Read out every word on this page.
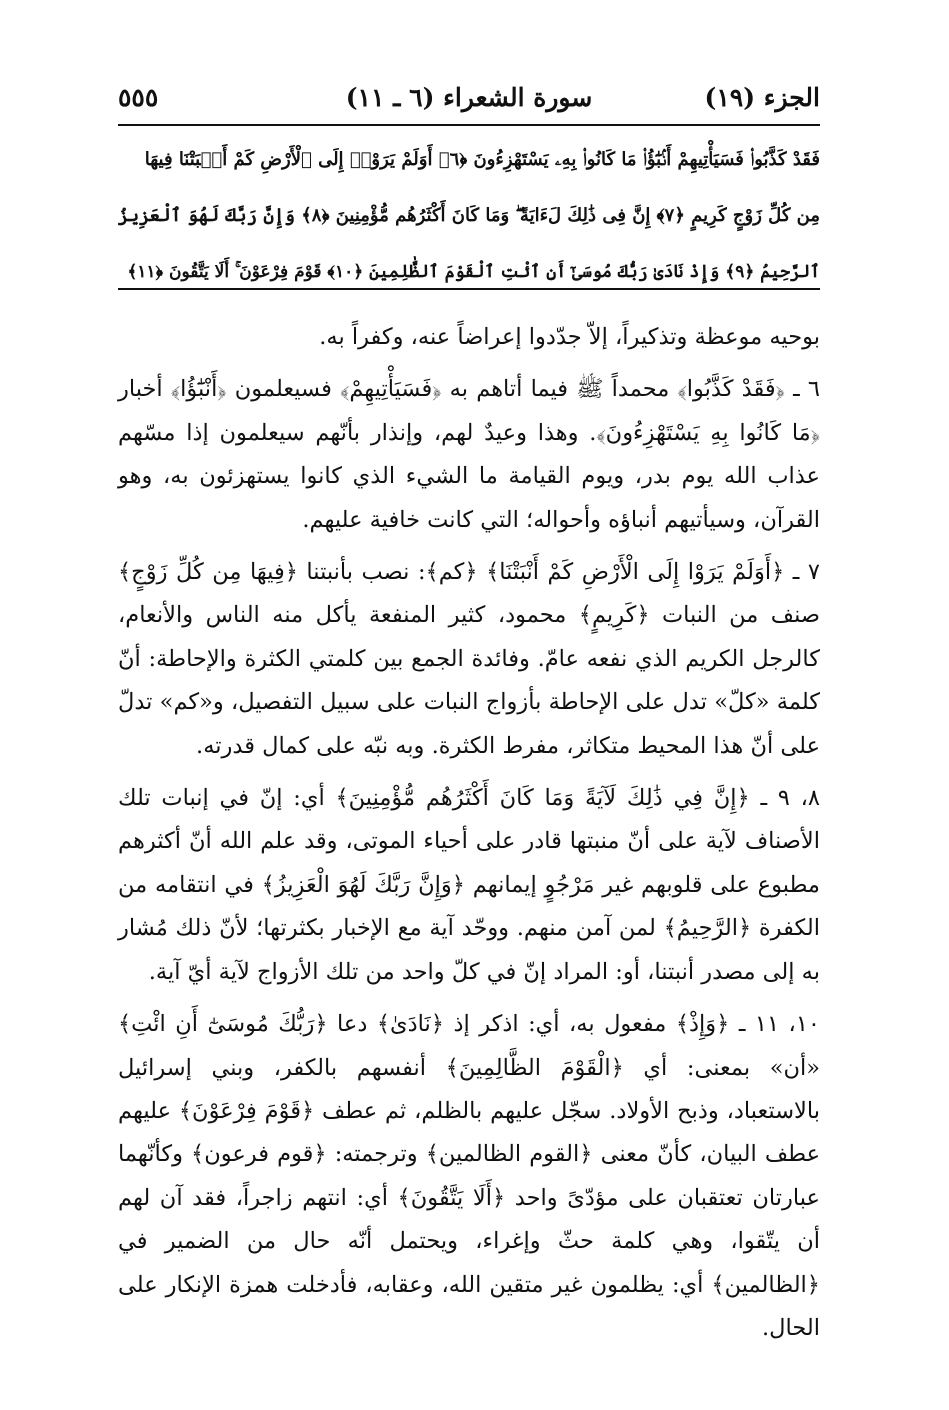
الجزء (١٩)
سورة الشعراء (٦ ـ ١١)
٥٥٥
فَقَدْ كَذَّبُوا۟ فَسَيَأْتِيهِمْ أَنۢبَٰٓؤُا۟ مَا كَانُوا۟ بِهِۦ يَسْتَهْزِءُونَ ﴿٦﴾ أَوَلَمْ يَرَوْا۟ إِلَى ٱلْأَرْضِ كَمْ أَنۢبَتْنَا فِيهَا
مِن كُلِّ زَوْجٍ كَرِيمٍ ﴿٧﴾ إِنَّ فِى ذَٰلِكَ لَءَايَةً ۖ وَمَا كَانَ أَكْثَرُهُم مُّؤْمِنِينَ ﴿٨﴾ وَإِنَّ رَبَّكَ لَهُوَ ٱلْعَزِيزُ
ٱلرَّحِيمُ ﴿٩﴾ وَإِذْ نَادَىٰ رَبُّكَ مُوسَىٰٓ أَنِ ٱئْتِ ٱلْقَوْمَ ٱلظَّٰلِمِينَ ﴿١٠﴾ قَوْمَ فِرْعَوْنَ ۚ أَلَا يَتَّقُونَ ﴿١١﴾

بوحيه موعظة وتذكيراً، إلاّ جدّدوا إعراضاً عنه، وكفراً به.

٦ ـ ﴿فَقَدْ كَذَّبُوا﴾ محمداً ﷺ فيما أتاهم به ﴿فَسَيَأْتِيهِمْ﴾ فسيعلمون ﴿أَنْبَٰٓؤُا﴾ أخبار ﴿مَا كَانُوا بِهِ يَسْتَهْزِءُونَ﴾. وهذا وعيدٌ لهم، وإنذار بأنّهم سيعلمون إذا مسّهم عذاب الله يوم بدر، ويوم القيامة ما الشيء الذي كانوا يستهزئون به، وهو القرآن، وسيأتيهم أنباؤه وأحواله؛ التي كانت خافية عليهم.

٧ ـ ﴿أَوَلَمْ يَرَوْا إِلَى الْأَرْضِ كَمْ أَنْبَتْنَا﴾ ﴿كم﴾: نصب بأنبتنا ﴿فِيهَا مِن كُلِّ زَوْجٍ﴾ صنف من النبات ﴿كَرِيمٍ﴾ محمود، كثير المنفعة يأكل منه الناس والأنعام، كالرجل الكريم الذي نفعه عامّ. وفائدة الجمع بين كلمتي الكثرة والإحاطة: أنّ كلمة «كلّ» تدل على الإحاطة بأزواج النبات على سبيل التفصيل، و«كم» تدلّ على أنّ هذا المحيط متكاثر، مفرط الكثرة. وبه نبّه على كمال قدرته.

٨، ٩ ـ ﴿إِنَّ فِي ذَٰلِكَ لَآيَةً وَمَا كَانَ أَكْثَرُهُم مُّؤْمِنِينَ﴾ أي: إنّ في إنبات تلك الأصناف لآية على أنّ منبتها قادر على أحياء الموتى، وقد علم الله أنّ أكثرهم مطبوع على قلوبهم غير مَرْجُوٍ إيمانهم ﴿وَإِنَّ رَبَّكَ لَهُوَ الْعَزِيزُ﴾ في انتقامه من الكفرة ﴿الرَّحِيمُ﴾ لمن آمن منهم. ووحّد آية مع الإخبار بكثرتها؛ لأنّ ذلك مُشار به إلى مصدر أنبتنا، أو: المراد إنّ في كلّ واحد من تلك الأزواج لآية أيّ آية.

١٠، ١١ ـ ﴿وَإِذْ﴾ مفعول به، أي: اذكر إذ ﴿نَادَىٰ﴾ دعا ﴿رَبُّكَ مُوسَىٰٓ أَنِ ائْتِ﴾ «أن» بمعنى: أي ﴿الْقَوْمَ الظَّالِمِينَ﴾ أنفسهم بالكفر، وبني إسرائيل بالاستعباد، وذبح الأولاد. سجّل عليهم بالظلم، ثم عطف ﴿قَوْمَ فِرْعَوْنَ﴾ عليهم عطف البيان، كأنّ معنى ﴿القوم الظالمين﴾ وترجمته: ﴿قوم فرعون﴾ وكأنّهما عبارتان تعتقبان على مؤدّىً واحد ﴿أَلَا يَتَّقُونَ﴾ أي: انتهم زاجراً، فقد آن لهم أن يتّقوا، وهي كلمة حثّ وإغراء، ويحتمل أنّه حال من الضمير في ﴿الظالمين﴾ أي: يظلمون غير متقين الله، وعقابه، فأدخلت همزة الإنكار على الحال.
